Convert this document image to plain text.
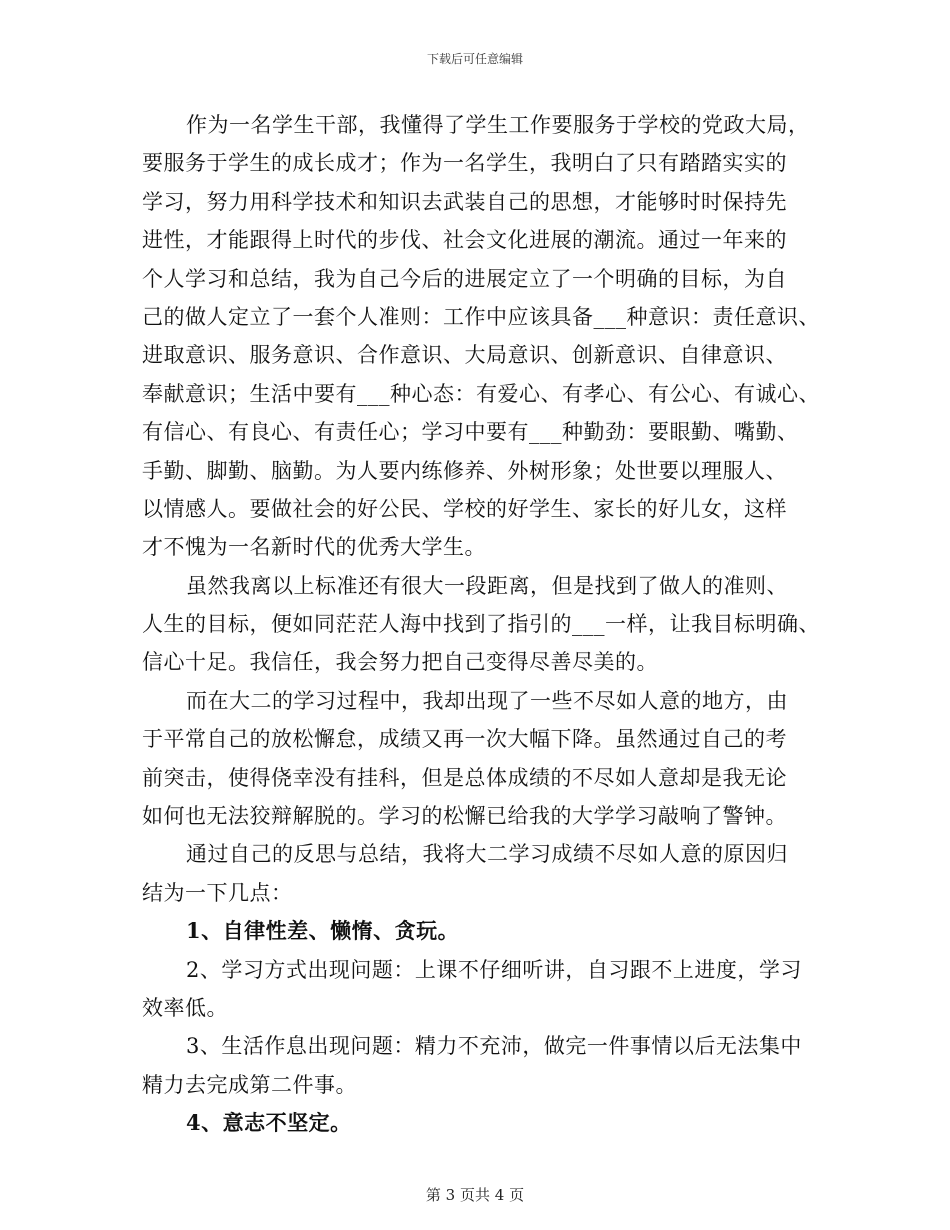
下载后可任意编辑
作为一名学生干部，我懂得了学生工作要服务于学校的党政大局，
要服务于学生的成长成才；作为一名学生，我明白了只有踏踏实实的
学习，努力用科学技术和知识去武装自己的思想，才能够时时保持先
进性，才能跟得上时代的步伐、社会文化进展的潮流。通过一年来的
个人学习和总结，我为自己今后的进展定立了一个明确的目标，为自
己的做人定立了一套个人准则：工作中应该具备___种意识：责任意识、
进取意识、服务意识、合作意识、大局意识、创新意识、自律意识、
奉献意识；生活中要有___种心态：有爱心、有孝心、有公心、有诚心、
有信心、有良心、有责任心；学习中要有___种勤劲：要眼勤、嘴勤、
手勤、脚勤、脑勤。为人要内练修养、外树形象；处世要以理服人、
以情感人。要做社会的好公民、学校的好学生、家长的好儿女，这样
才不愧为一名新时代的优秀大学生。
虽然我离以上标准还有很大一段距离，但是找到了做人的准则、
人生的目标，便如同茫茫人海中找到了指引的___一样，让我目标明确、
信心十足。我信任，我会努力把自己变得尽善尽美的。
而在大二的学习过程中，我却出现了一些不尽如人意的地方，由
于平常自己的放松懈怠，成绩又再一次大幅下降。虽然通过自己的考
前突击，使得侥幸没有挂科，但是总体成绩的不尽如人意却是我无论
如何也无法狡辩解脱的。学习的松懈已给我的大学学习敲响了警钟。
通过自己的反思与总结，我将大二学习成绩不尽如人意的原因归
结为一下几点：
1、自律性差、懒惰、贪玩。
2、学习方式出现问题：上课不仔细听讲，自习跟不上进度，学习
效率低。
3、生活作息出现问题：精力不充沛，做完一件事情以后无法集中
精力去完成第二件事。
4、意志不坚定。
第 3 页共 4 页
